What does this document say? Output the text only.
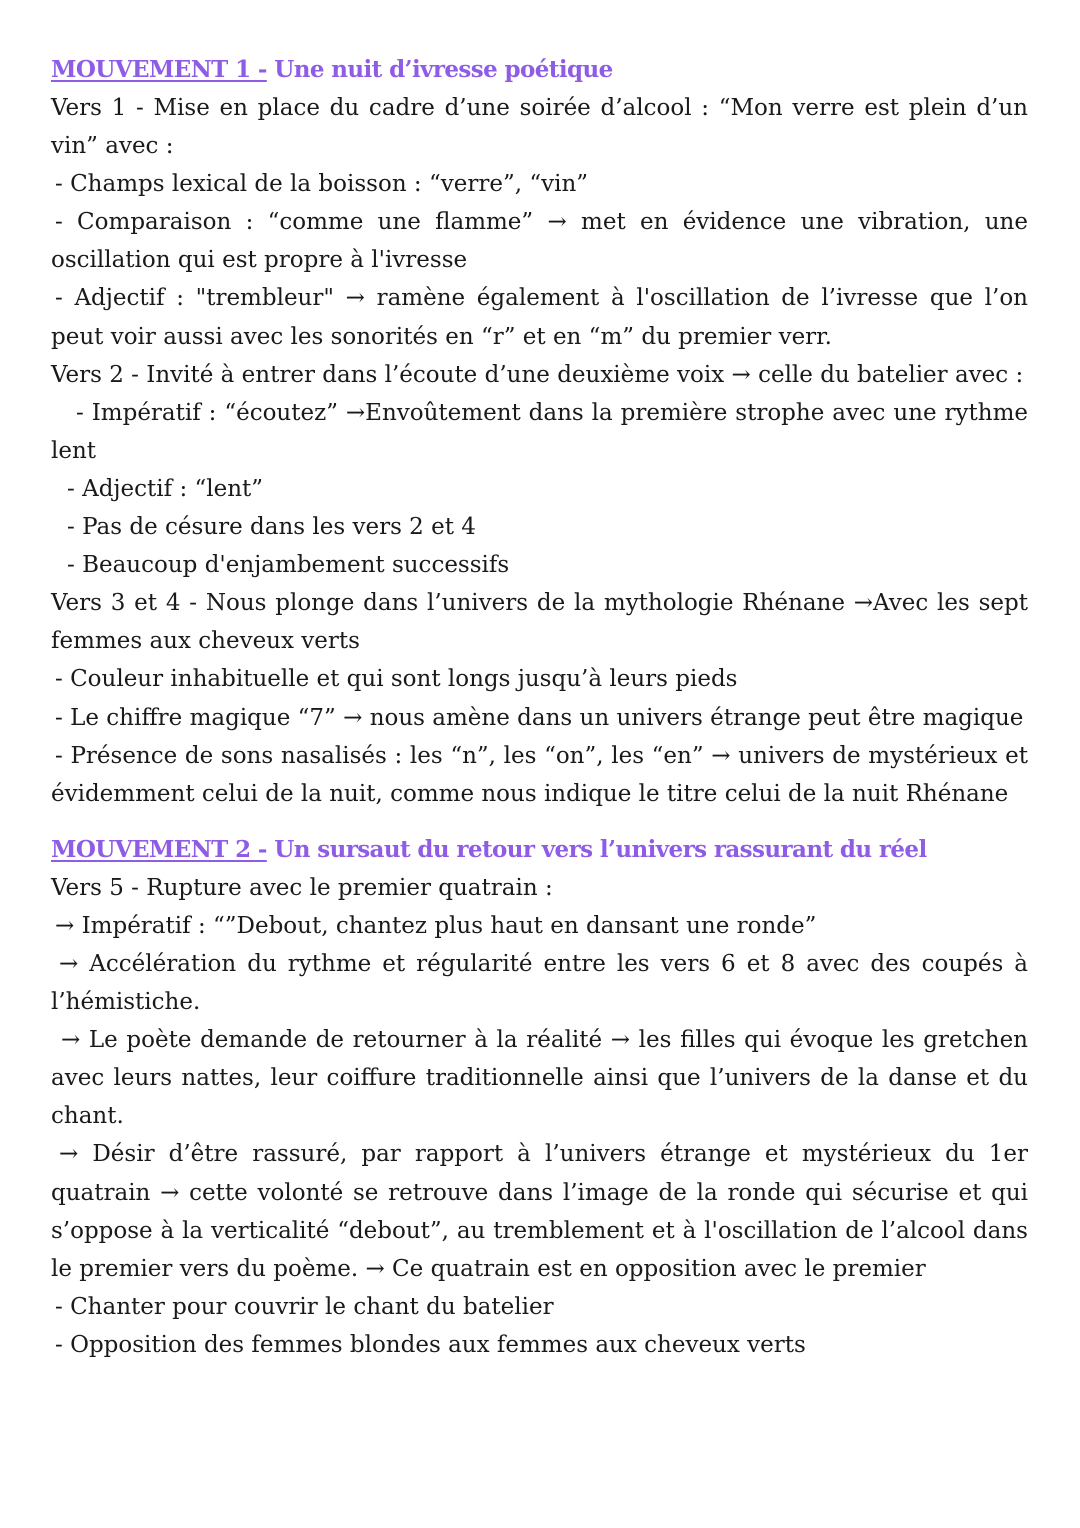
MOUVEMENT 1 - Une nuit d’ivresse poétique

Vers 1 - Mise en place du cadre d’une soirée d’alcool : “Mon verre est plein d’un vin” avec :

- Champs lexical de la boisson : “verre”, “vin”

- Comparaison : “comme une flamme” → met en évidence une vibration, une oscillation qui est propre à l'ivresse

- Adjectif : "trembleur" → ramène également à l'oscillation de l’ivresse que l’on peut voir aussi avec les sonorités en “r” et en “m” du premier verr.

Vers 2 - Invité à entrer dans l’écoute d’une deuxième voix → celle du batelier avec :

- Impératif : “écoutez” →Envoûtement dans la première strophe avec une rythme lent

- Adjectif : “lent”

- Pas de césure dans les vers 2 et 4

- Beaucoup d'enjambement successifs

Vers 3 et 4 - Nous plonge dans l’univers de la mythologie Rhénane →Avec les sept femmes aux cheveux verts

- Couleur inhabituelle et qui sont longs jusqu’à leurs pieds

- Le chiffre magique “7” → nous amène dans un univers étrange peut être magique

- Présence de sons nasalisés : les “n”, les “on”, les “en” → univers de mystérieux et évidemment celui de la nuit, comme nous indique le titre celui de la nuit Rhénane

MOUVEMENT 2 - Un sursaut du retour vers l’univers rassurant du réel

Vers 5 - Rupture avec le premier quatrain :

→ Impératif : “”Debout, chantez plus haut en dansant une ronde”

→ Accélération du rythme et régularité entre les vers 6 et 8 avec des coupés à l’hémistiche.

→ Le poète demande de retourner à la réalité → les filles qui évoque les gretchen avec leurs nattes, leur coiffure traditionnelle ainsi que l’univers de la danse et du chant.

→ Désir d’être rassuré, par rapport à l’univers étrange et mystérieux du 1er quatrain → cette volonté se retrouve dans l’image de la ronde qui sécurise et qui s’oppose à la verticalité “debout”, au tremblement et à l'oscillation de l’alcool dans le premier vers du poème. → Ce quatrain est en opposition avec le premier

- Chanter pour couvrir le chant du batelier

- Opposition des femmes blondes aux femmes aux cheveux verts
